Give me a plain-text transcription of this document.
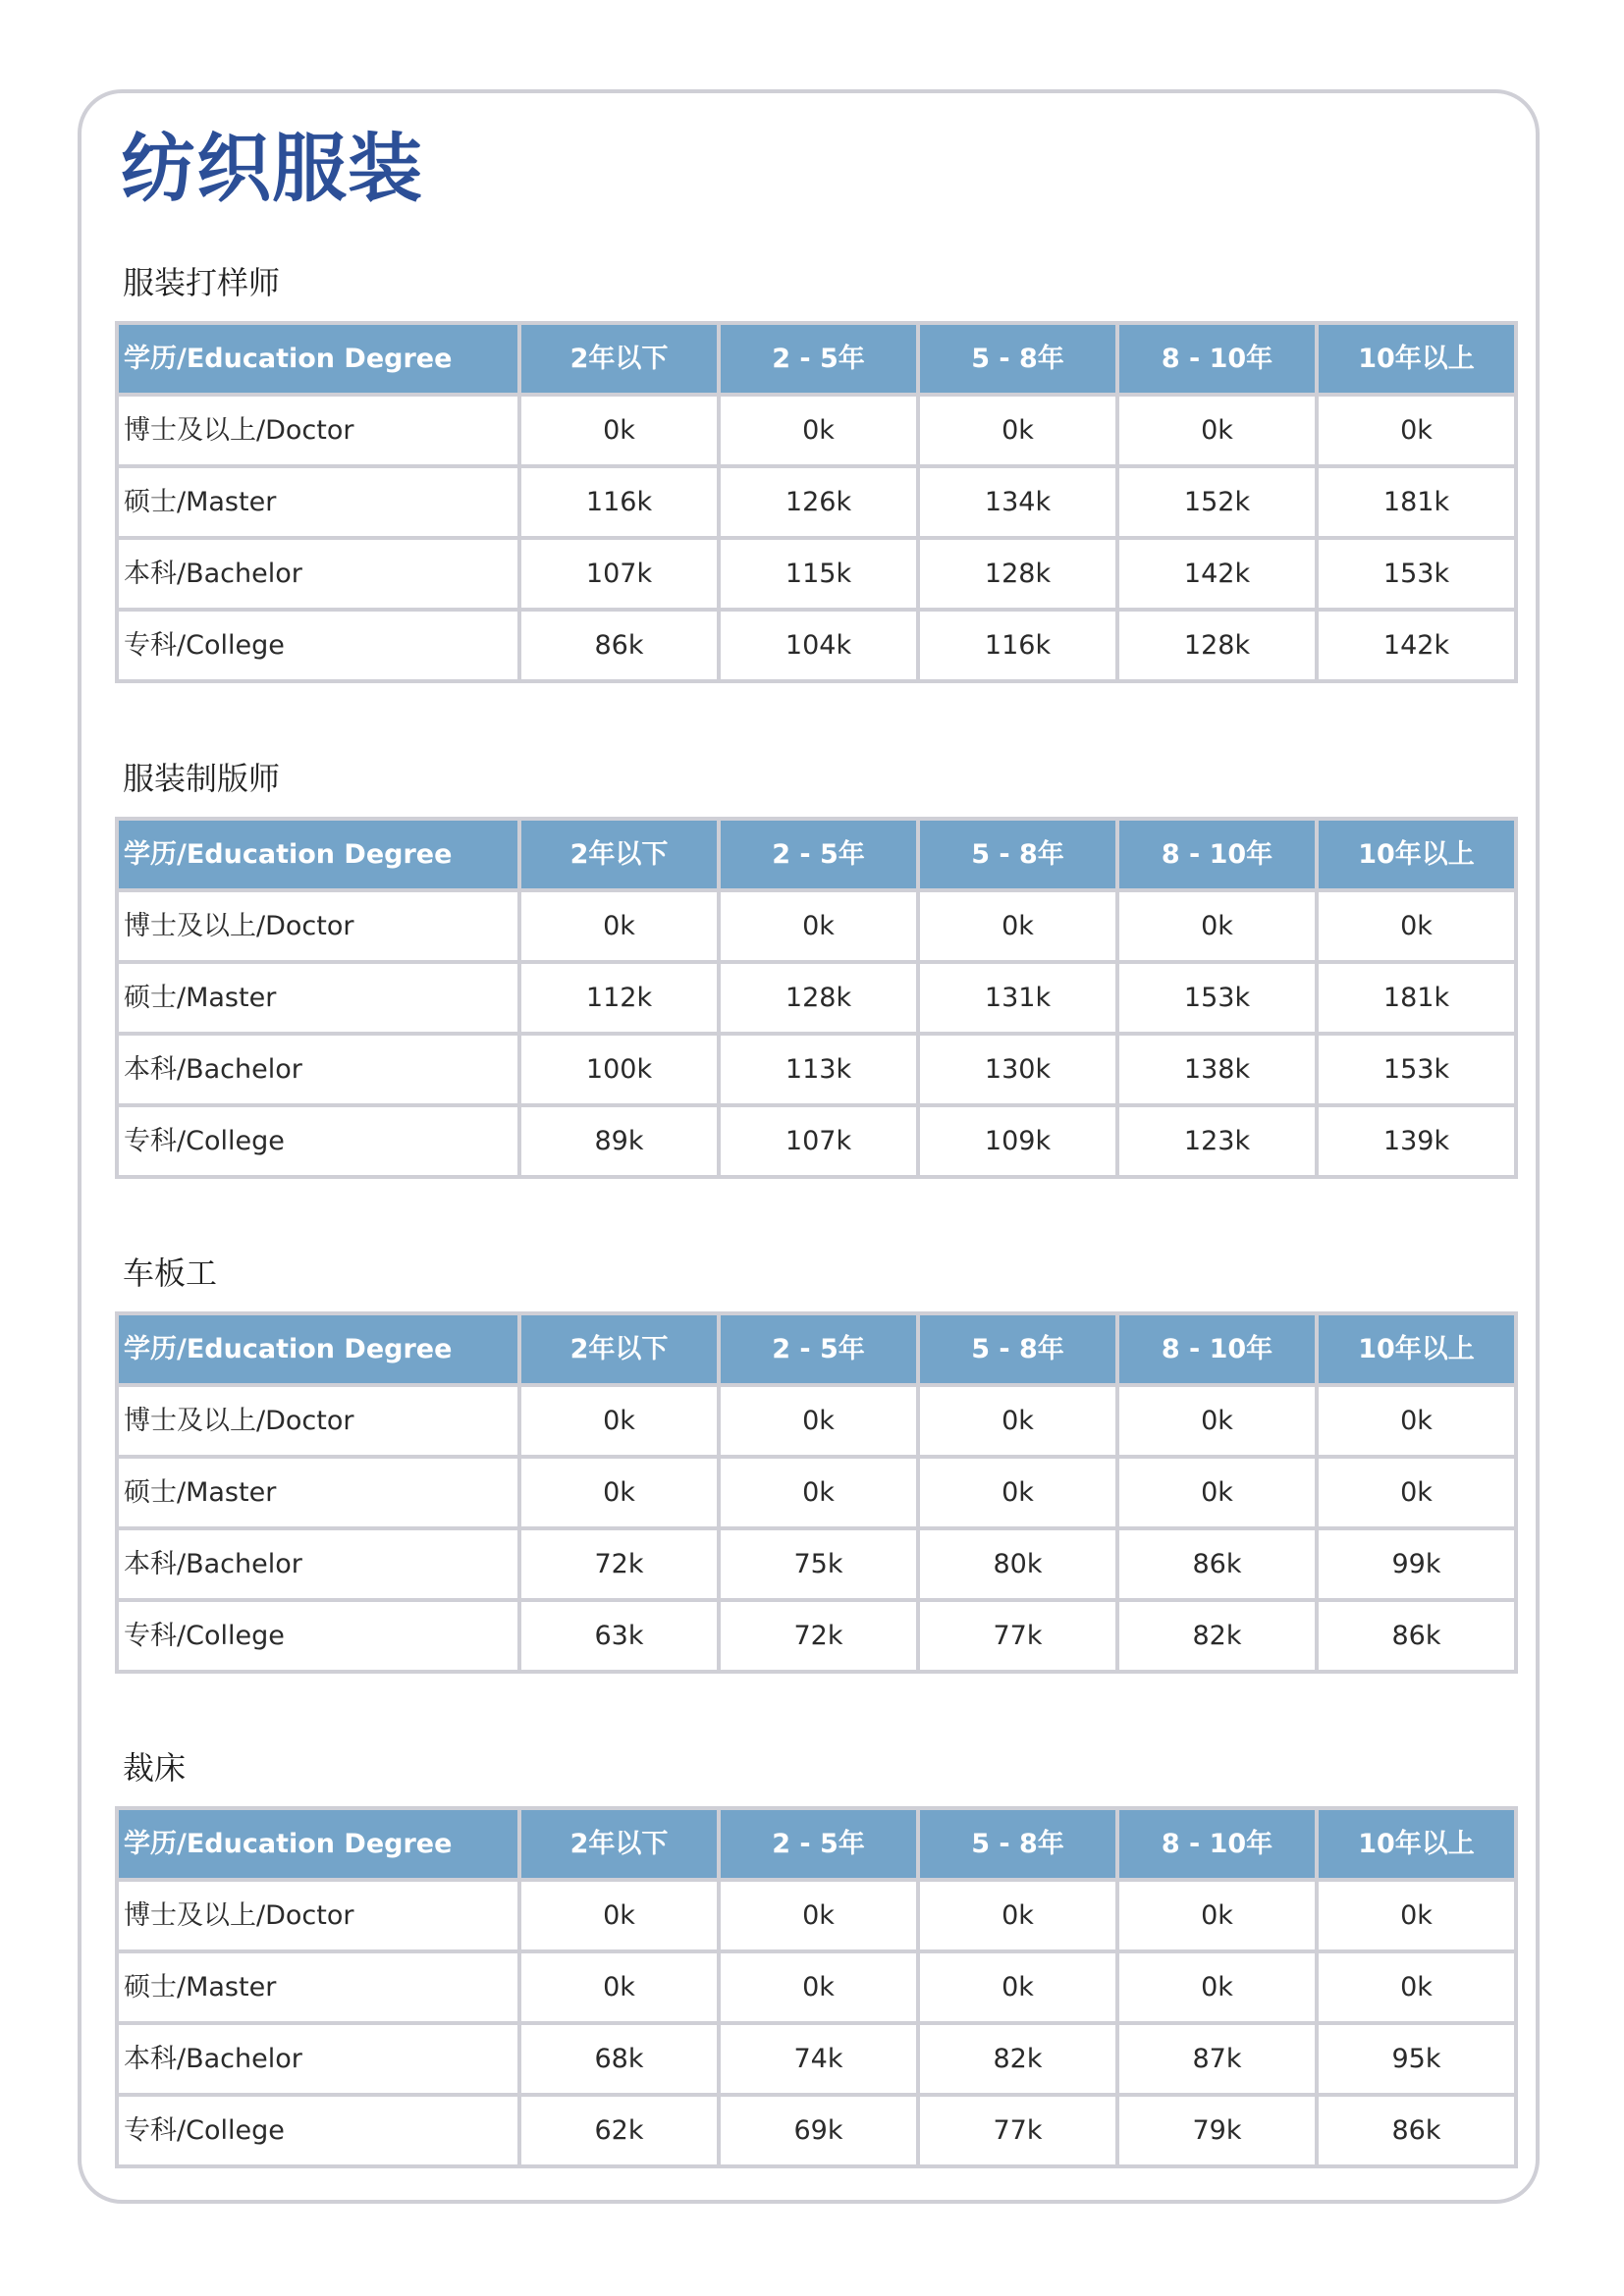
纺织服装
服装打样师
学历/Education Degree	2年以下	2 - 5年	5 - 8年	8 - 10年	10年以上
博士及以上/Doctor	0k	0k	0k	0k	0k
硕士/Master	116k	126k	134k	152k	181k
本科/Bachelor	107k	115k	128k	142k	153k
专科/College	86k	104k	116k	128k	142k
服装制版师
学历/Education Degree	2年以下	2 - 5年	5 - 8年	8 - 10年	10年以上
博士及以上/Doctor	0k	0k	0k	0k	0k
硕士/Master	112k	128k	131k	153k	181k
本科/Bachelor	100k	113k	130k	138k	153k
专科/College	89k	107k	109k	123k	139k
车板工
学历/Education Degree	2年以下	2 - 5年	5 - 8年	8 - 10年	10年以上
博士及以上/Doctor	0k	0k	0k	0k	0k
硕士/Master	0k	0k	0k	0k	0k
本科/Bachelor	72k	75k	80k	86k	99k
专科/College	63k	72k	77k	82k	86k
裁床
学历/Education Degree	2年以下	2 - 5年	5 - 8年	8 - 10年	10年以上
博士及以上/Doctor	0k	0k	0k	0k	0k
硕士/Master	0k	0k	0k	0k	0k
本科/Bachelor	68k	74k	82k	87k	95k
专科/College	62k	69k	77k	79k	86k
